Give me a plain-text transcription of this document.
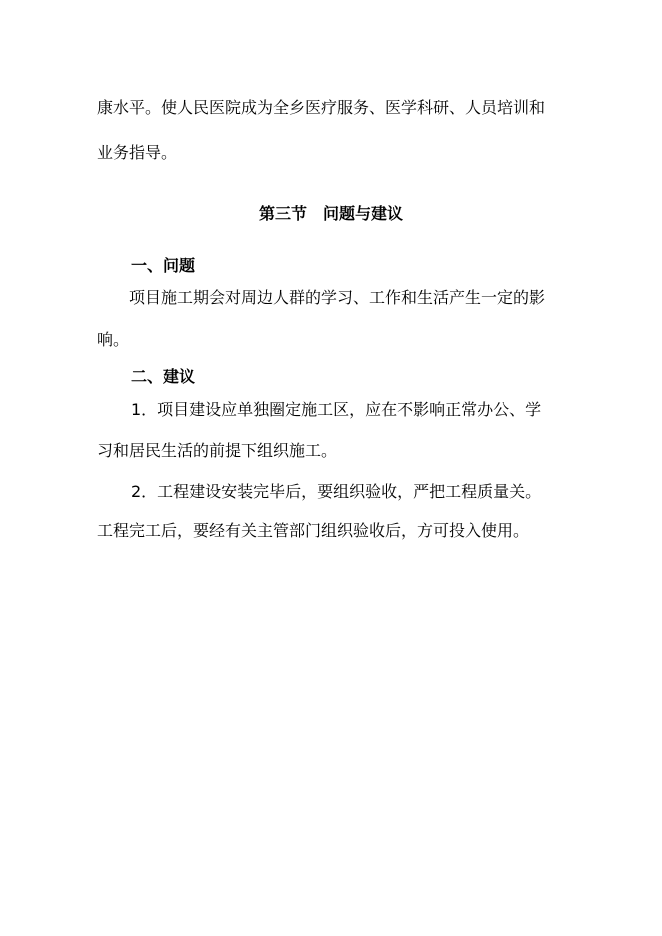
康水平。使人民医院成为全乡医疗服务、医学科研、人员培训和
业务指导。
第三节　问题与建议
一、问题
项目施工期会对周边人群的学习、工作和生活产生一定的影
响。
二、建议
1．项目建设应单独圈定施工区，应在不影响正常办公、学
习和居民生活的前提下组织施工。
2．工程建设安装完毕后，要组织验收，严把工程质量关。
工程完工后，要经有关主管部门组织验收后，方可投入使用。
